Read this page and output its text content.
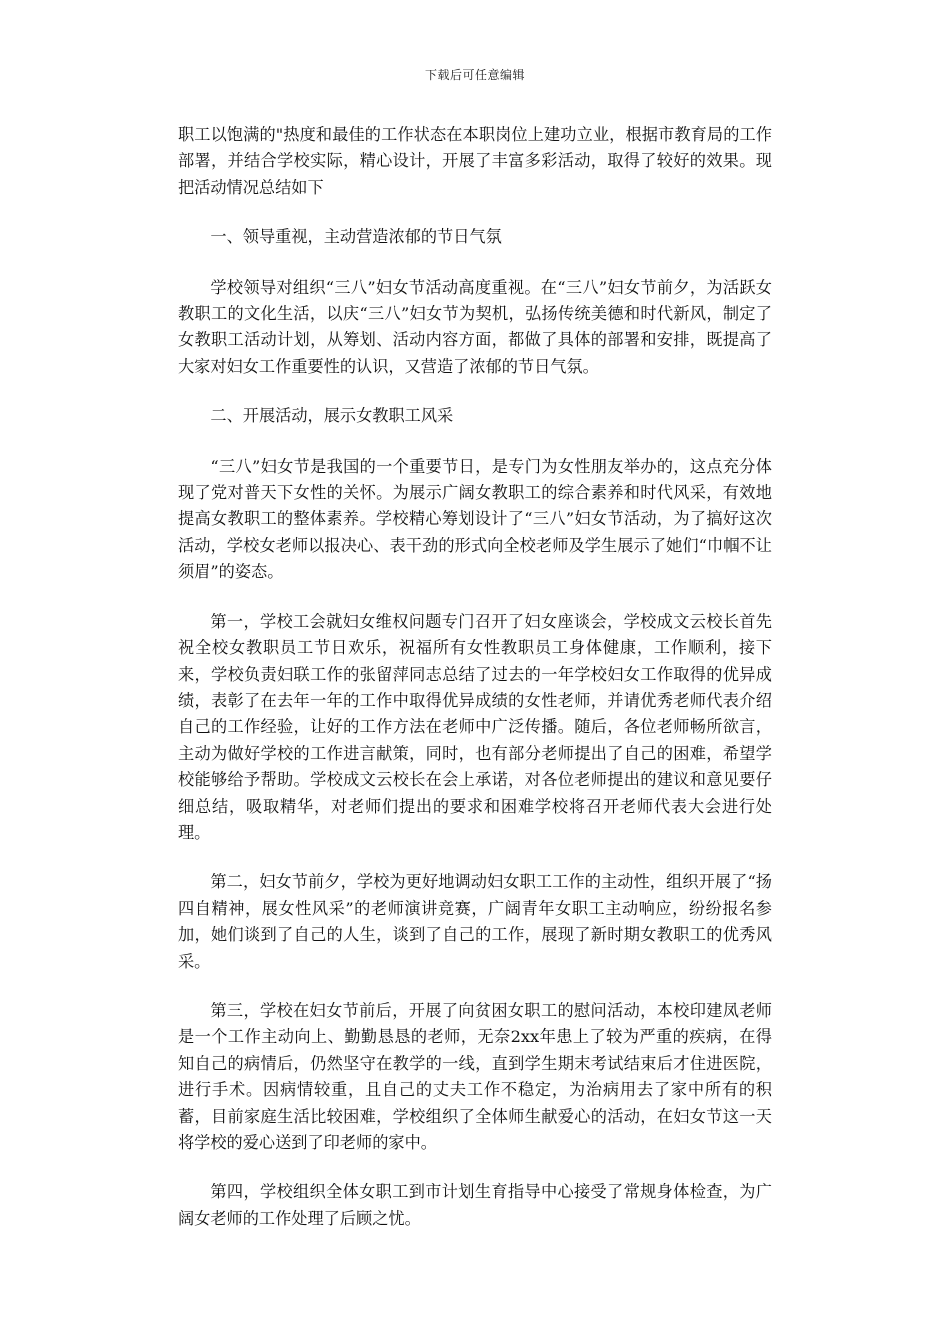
下载后可任意编辑

职工以饱满的"热度和最佳的工作状态在本职岗位上建功立业，根据市教育局的工作部署，并结合学校实际，精心设计，开展了丰富多彩活动，取得了较好的效果。现把活动情况总结如下

一、领导重视，主动营造浓郁的节日气氛

学校领导对组织“三八”妇女节活动高度重视。在“三八”妇女节前夕，为活跃女教职工的文化生活，以庆“三八”妇女节为契机，弘扬传统美德和时代新风，制定了女教职工活动计划，从筹划、活动内容方面，都做了具体的部署和安排，既提高了大家对妇女工作重要性的认识，又营造了浓郁的节日气氛。

二、开展活动，展示女教职工风采

“三八”妇女节是我国的一个重要节日，是专门为女性朋友举办的，这点充分体现了党对普天下女性的关怀。为展示广阔女教职工的综合素养和时代风采，有效地提高女教职工的整体素养。学校精心筹划设计了“三八”妇女节活动，为了搞好这次活动，学校女老师以报决心、表干劲的形式向全校老师及学生展示了她们“巾帼不让须眉”的姿态。

第一，学校工会就妇女维权问题专门召开了妇女座谈会，学校成文云校长首先祝全校女教职员工节日欢乐，祝福所有女性教职员工身体健康，工作顺利，接下来，学校负责妇联工作的张留萍同志总结了过去的一年学校妇女工作取得的优异成绩，表彰了在去年一年的工作中取得优异成绩的女性老师，并请优秀老师代表介绍自己的工作经验，让好的工作方法在老师中广泛传播。随后，各位老师畅所欲言，主动为做好学校的工作进言献策，同时，也有部分老师提出了自己的困难，希望学校能够给予帮助。学校成文云校长在会上承诺，对各位老师提出的建议和意见要仔细总结，吸取精华，对老师们提出的要求和困难学校将召开老师代表大会进行处理。

第二，妇女节前夕，学校为更好地调动妇女职工工作的主动性，组织开展了“扬四自精神，展女性风采”的老师演讲竞赛，广阔青年女职工主动响应，纷纷报名参加，她们谈到了自己的人生，谈到了自己的工作，展现了新时期女教职工的优秀风采。

第三，学校在妇女节前后，开展了向贫困女职工的慰问活动，本校印建凤老师是一个工作主动向上、勤勤恳恳的老师，无奈2xx年患上了较为严重的疾病，在得知自己的病情后，仍然坚守在教学的一线，直到学生期末考试结束后才住进医院，进行手术。因病情较重，且自己的丈夫工作不稳定，为治病用去了家中所有的积蓄，目前家庭生活比较困难，学校组织了全体师生献爱心的活动，在妇女节这一天将学校的爱心送到了印老师的家中。

第四，学校组织全体女职工到市计划生育指导中心接受了常规身体检查，为广阔女老师的工作处理了后顾之忧。
